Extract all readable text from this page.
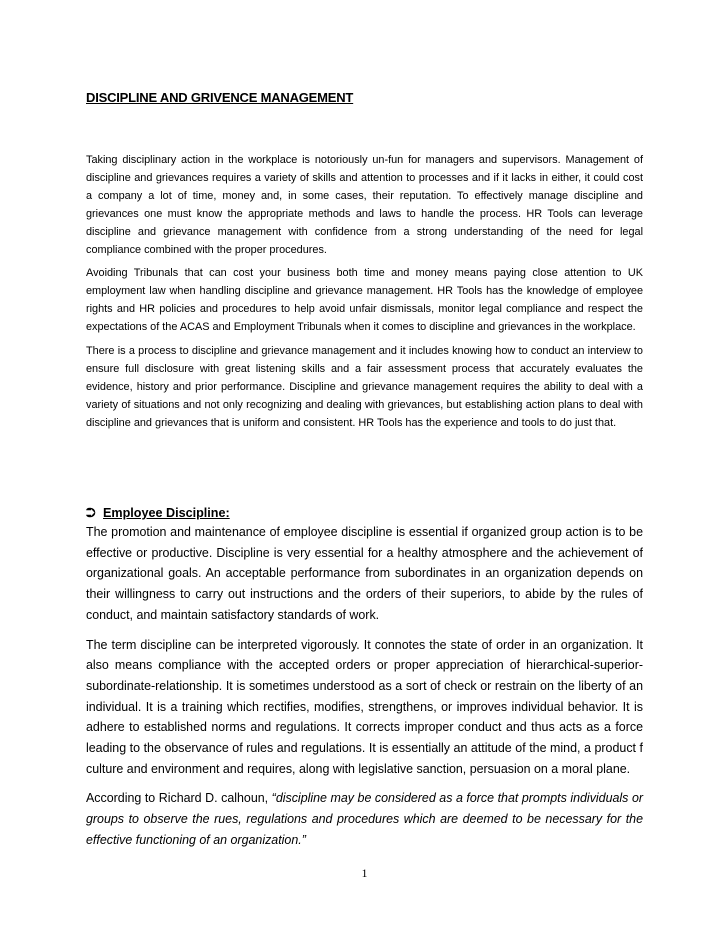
DISCIPLINE AND GRIVENCE MANAGEMENT

Taking disciplinary action in the workplace is notoriously un-fun for managers and supervisors. Management of discipline and grievances requires a variety of skills and attention to processes and if it lacks in either, it could cost a company a lot of time, money and, in some cases, their reputation. To effectively manage discipline and grievances one must know the appropriate methods and laws to handle the process. HR Tools can leverage discipline and grievance management with confidence from a strong understanding of the need for legal compliance combined with the proper procedures.

Avoiding Tribunals that can cost your business both time and money means paying close attention to UK employment law when handling discipline and grievance management. HR Tools has the knowledge of employee rights and HR policies and procedures to help avoid unfair dismissals, monitor legal compliance and respect the expectations of the ACAS and Employment Tribunals when it comes to discipline and grievances in the workplace.

There is a process to discipline and grievance management and it includes knowing how to conduct an interview to ensure full disclosure with great listening skills and a fair assessment process that accurately evaluates the evidence, history and prior performance. Discipline and grievance management requires the ability to deal with a variety of situations and not only recognizing and dealing with grievances, but establishing action plans to deal with discipline and grievances that is uniform and consistent. HR Tools has the experience and tools to do just that.

⮊ Employee Discipline:

The promotion and maintenance of employee discipline is essential if organized group action is to be effective or productive. Discipline is very essential for a healthy atmosphere and the achievement of organizational goals. An acceptable performance from subordinates in an organization depends on their willingness to carry out instructions and the orders of their superiors, to abide by the rules of conduct, and maintain satisfactory standards of work.

The term discipline can be interpreted vigorously. It connotes the state of order in an organization. It also means compliance with the accepted orders or proper appreciation of hierarchical-superior-subordinate-relationship. It is sometimes understood as a sort of check or restrain on the liberty of an individual. It is a training which rectifies, modifies, strengthens, or improves individual behavior. It is adhere to established norms and regulations. It corrects improper conduct and thus acts as a force leading to the observance of rules and regulations. It is essentially an attitude of the mind, a product f culture and environment and requires, along with legislative sanction, persuasion on a moral plane.

According to Richard D. calhoun, “discipline may be considered as a force that prompts individuals or groups to observe the rues, regulations and procedures which are deemed to be necessary for the effective functioning of an organization.”

1
